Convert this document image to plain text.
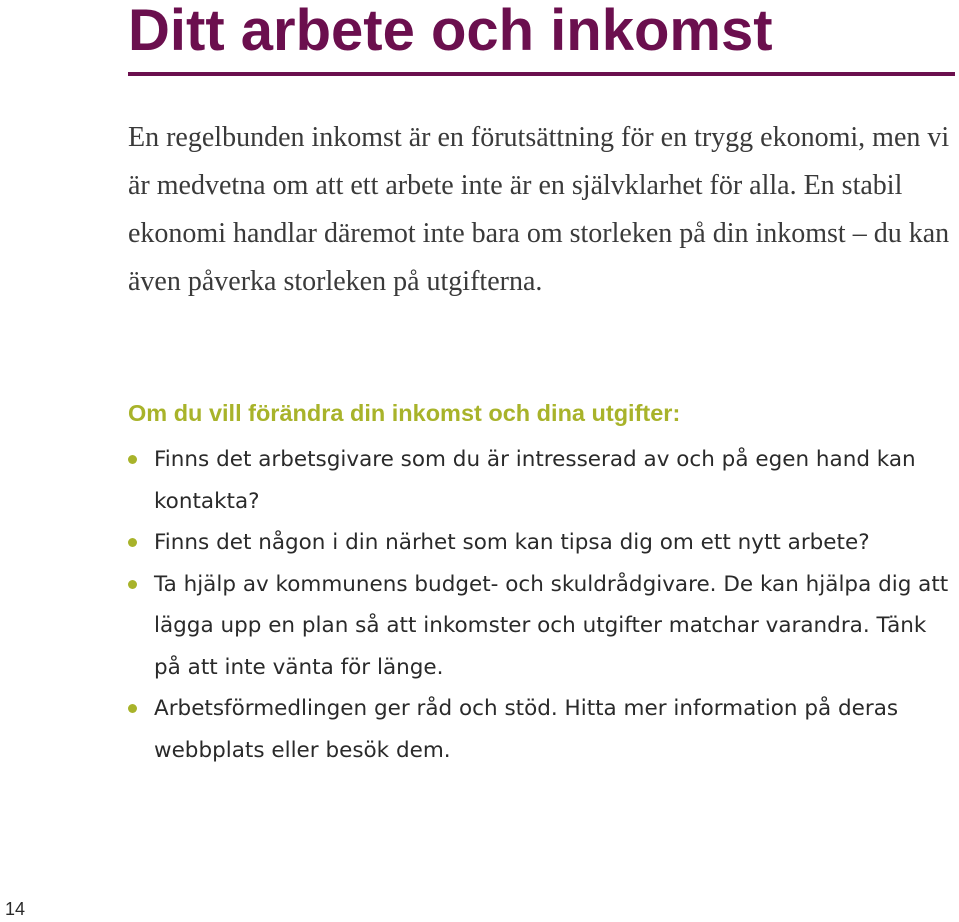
Ditt arbete och inkomst

En regelbunden inkomst är en förutsättning för en trygg ekonomi, men vi är medvetna om att ett arbete inte är en självklarhet för alla. En stabil ekonomi handlar däremot inte bara om storleken på din inkomst – du kan även påverka storleken på utgifterna.

Om du vill förändra din inkomst och dina utgifter:
Finns det arbetsgivare som du är intresserad av och på egen hand kan kontakta?
Finns det någon i din närhet som kan tipsa dig om ett nytt arbete?
Ta hjälp av kommunens budget- och skuldrådgivare. De kan hjälpa dig att lägga upp en plan så att inkomster och utgifter matchar varandra. Tänk på att inte vänta för länge.
Arbetsförmedlingen ger råd och stöd. Hitta mer information på deras webbplats eller besök dem.
14
